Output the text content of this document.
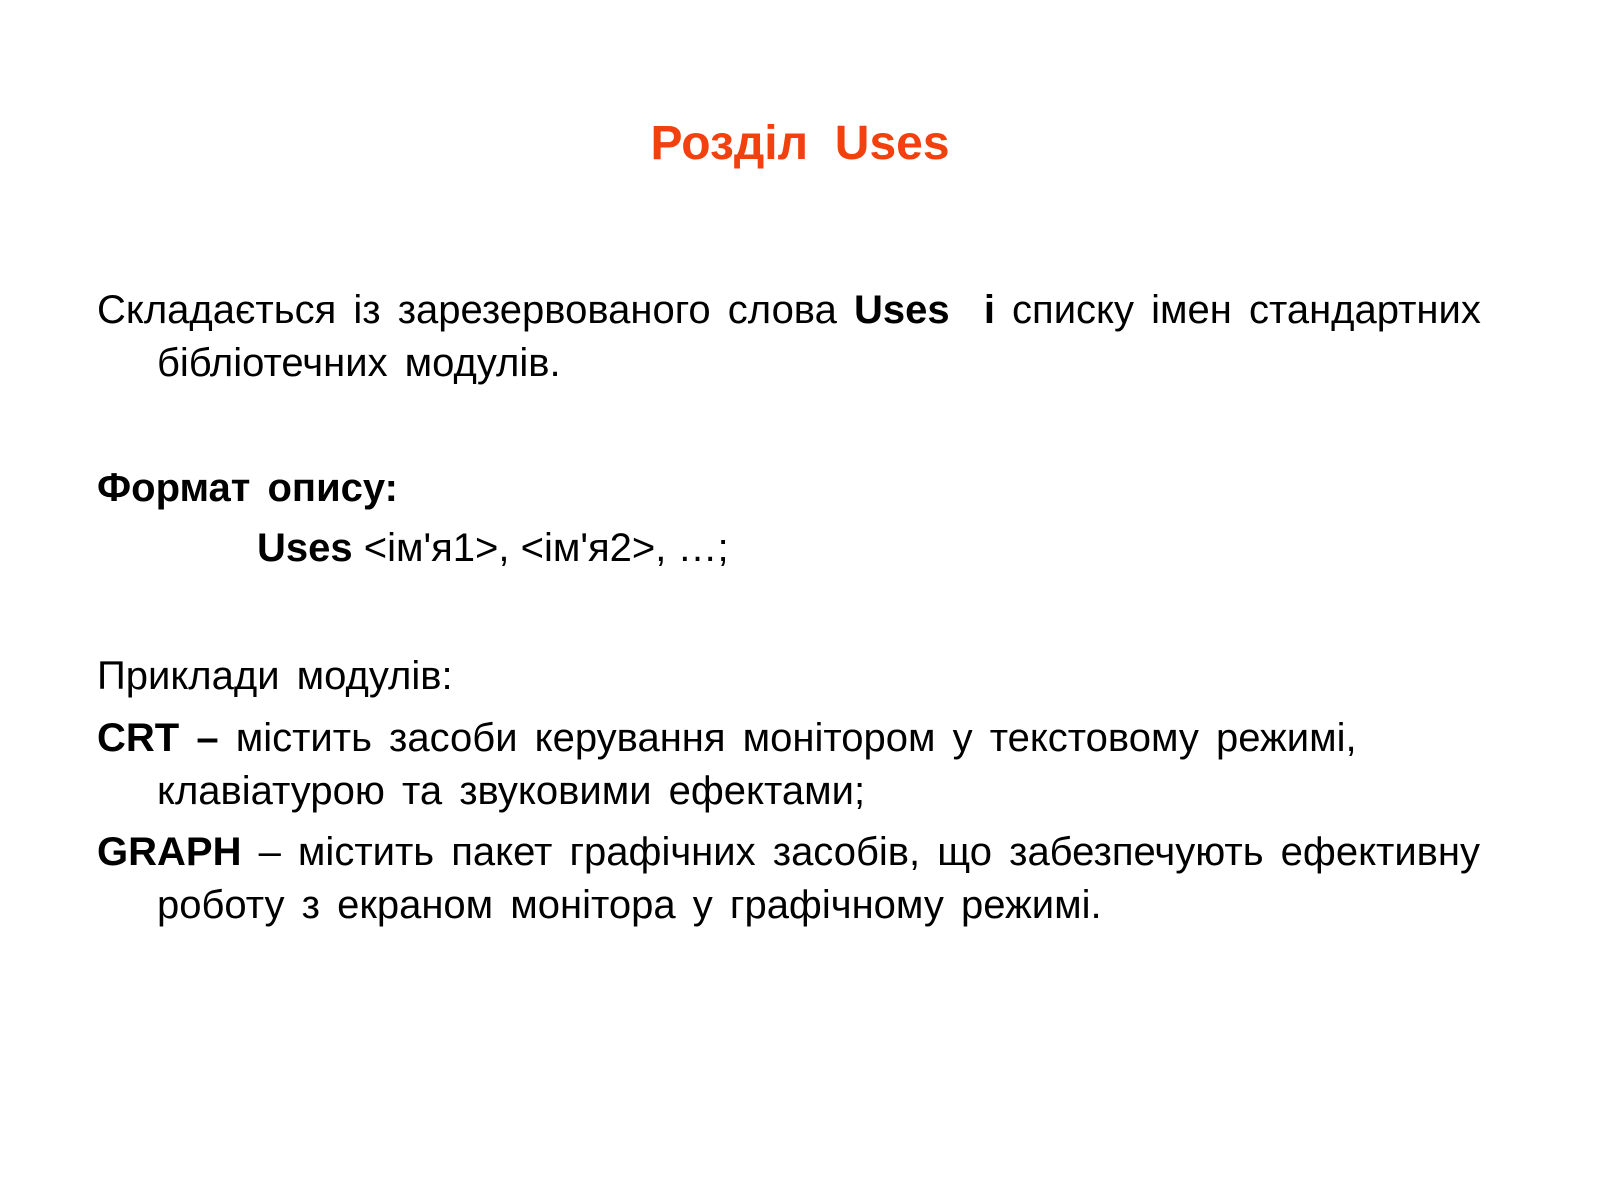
Розділ  Uses
Складається із зарезервованого слова Uses  і списку імен стандартних бібліотечних модулів.
Формат опису:
Uses <ім'я1>, <ім'я2>, …;
Приклади модулів:
CRT – містить засоби керування монітором у текстовому режимі, клавіатурою та звуковими ефектами;
GRAPH – містить пакет графічних засобів, що забезпечують ефективну роботу з екраном монітора у графічному режимі.
